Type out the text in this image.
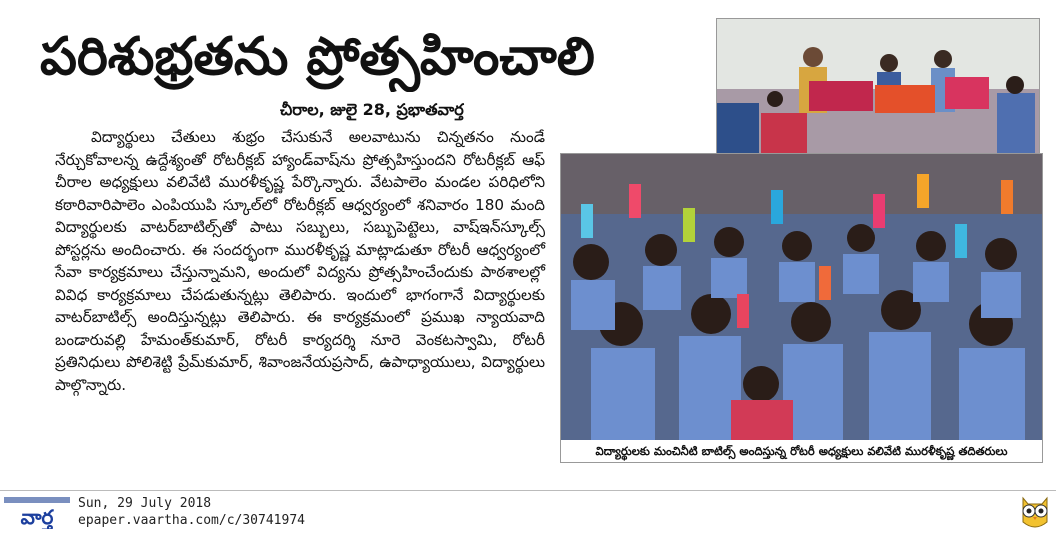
పరిశుభ్రతను ప్రోత్సహించాలి
చీరాల, జులై 28, ప్రభాతవార్త

విద్యార్థులు చేతులు శుభ్రం చేసుకునే అలవాటును చిన్నతనం నుండే నేర్చుకోవాలన్న ఉద్దేశ్యంతో రోటరీక్లబ్ హ్యాండ్‌వాష్‌ను ప్రోత్సహిస్తుందని రోటరీక్లబ్ ఆఫ్ చీరాల అధ్యక్షులు వలివేటి మురళీకృష్ణ పేర్కొన్నారు. వేటపాలెం మండల పరిధిలోని కఠారివారిపాలెం ఎంపియుపి స్కూల్‌లో రోటరీక్లబ్ ఆధ్వర్యంలో శనివారం 180 మంది విద్యార్థులకు వాటర్‌బాటిల్స్‌తో పాటు సబ్బులు, సబ్బుపెట్టెలు, వాష్‌ఇన్‌స్కూల్స్ పోస్టర్లను అందించారు. ఈ సందర్భంగా మురళీకృష్ణ మాట్లాడుతూ రోటరీ ఆధ్వర్యంలో సేవా కార్యక్రమాలు చేస్తున్నామని, అందులో విద్యను ప్రోత్సహించేందుకు పాఠశాలల్లో వివిధ కార్యక్రమాలు చేపడుతున్నట్లు తెలిపారు. ఇందులో భాగంగానే విద్యార్థులకు వాటర్‌బాటిల్స్ అందిస్తున్నట్లు తెలిపారు. ఈ కార్యక్రమంలో ప్రముఖ న్యాయవాది బండారువల్లి హేమంత్‌కుమార్, రోటరీ కార్యదర్శి నూరె వెంకటస్వామి, రోటరీ ప్రతినిధులు పోలిశెట్టి ప్రేమ్‌కుమార్, శివాంజనేయప్రసాద్, ఉపాధ్యాయులు, విద్యార్థులు పాల్గొన్నారు.

విద్యార్థులకు మంచినీటి బాటిల్స్ అందిస్తున్న రోటరీ అధ్యక్షులు వలివేటి మురళీకృష్ణ తదితరులు
వార్త
Sun, 29 July 2018
epaper.vaartha.com/c/30741974
